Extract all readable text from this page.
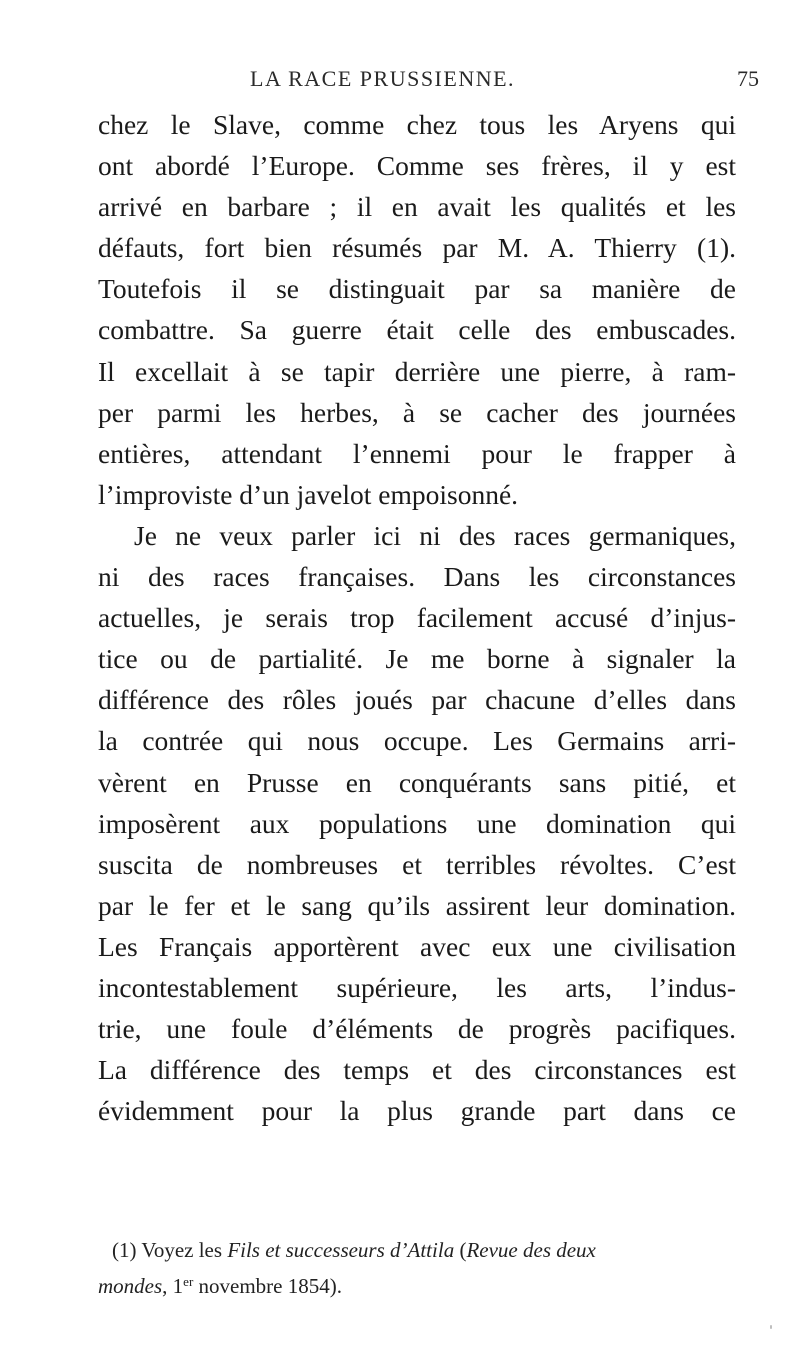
LA RACE PRUSSIENNE.	75
chez le Slave, comme chez tous les Aryens qui
ont abordé l’Europe. Comme ses frères, il y est
arrivé en barbare ; il en avait les qualités et les
défauts, fort bien résumés par M. A. Thierry (1).
Toutefois il se distinguait par sa manière de
combattre. Sa guerre était celle des embuscades.
Il excellait à se tapir derrière une pierre, à ram-
per parmi les herbes, à se cacher des journées
entières, attendant l’ennemi pour le frapper à
l’improviste d’un javelot empoisonné.
Je ne veux parler ici ni des races germaniques,
ni des races françaises. Dans les circonstances
actuelles, je serais trop facilement accusé d’injus-
tice ou de partialité. Je me borne à signaler la
différence des rôles joués par chacune d’elles dans
la contrée qui nous occupe. Les Germains arri-
vèrent en Prusse en conquérants sans pitié, et
imposèrent aux populations une domination qui
suscita de nombreuses et terribles révoltes. C’est
par le fer et le sang qu’ils assirent leur domination.
Les Français apportèrent avec eux une civilisation
incontestablement supérieure, les arts, l’indus-
trie, une foule d’éléments de progrès pacifiques.
La différence des temps et des circonstances est
évidemment pour la plus grande part dans ce
(1) Voyez les Fils et successeurs d’Attila (Revue des deux
mondes, 1er novembre 1854).
